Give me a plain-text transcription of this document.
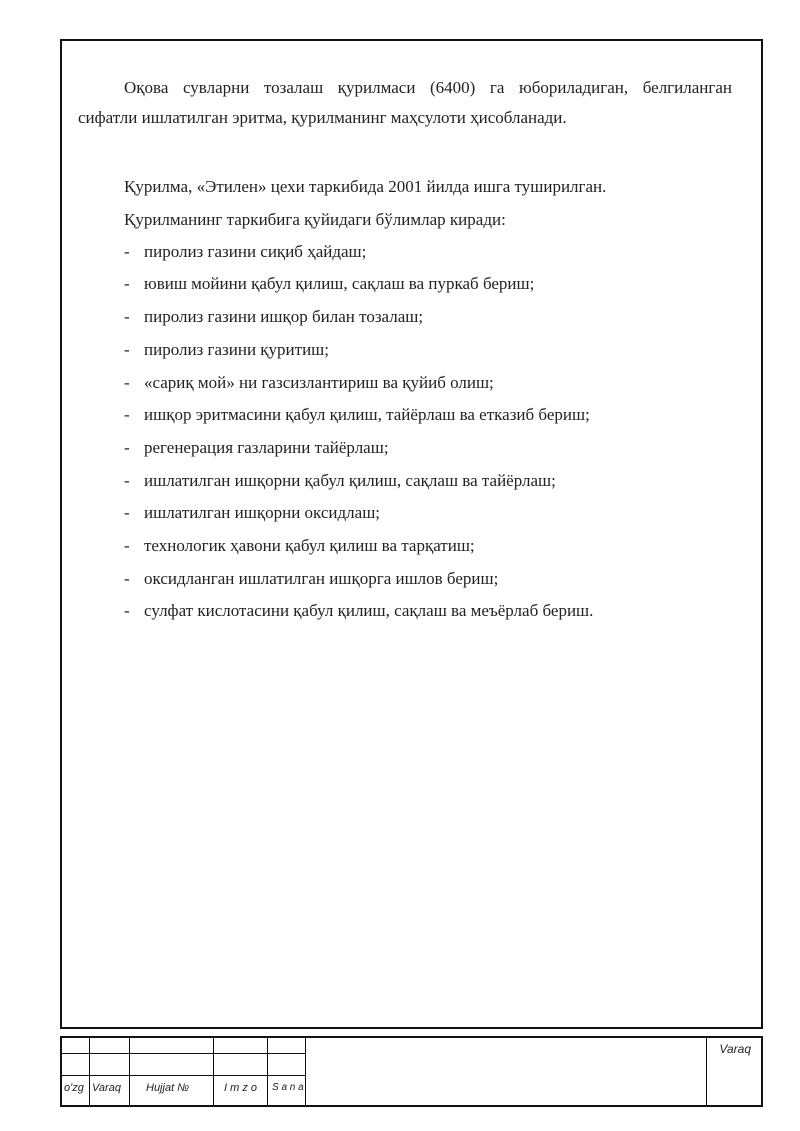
Оқова сувларни тозалаш қурилмаси (6400) га юбориладиган, белгиланган
сифатли ишлатилган эритма, қурилманинг маҳсулоти ҳисобланади.

Қурилма, «Этилен» цехи таркибида 2001 йилда ишга туширилган.

Қурилманинг таркибига қуйидаги бўлимлар киради:

- пиролиз газини сиқиб ҳайдаш;
- ювиш мойини қабул қилиш, сақлаш ва пуркаб бериш;
- пиролиз газини ишқор билан тозалаш;
- пиролиз газини қуритиш;
- «сариқ мой» ни газсизлантириш ва қуйиб олиш;
- ишқор эритмасини қабул қилиш, тайёрлаш ва етказиб бериш;
- регенерация газларини тайёрлаш;
- ишлатилган ишқорни қабул қилиш, сақлаш ва тайёрлаш;
- ишлатилган ишқорни оксидлаш;
- технологик ҳавони қабул қилиш ва тарқатиш;
- оксидланган ишлатилган ишқорга ишлов бериш;
- сулфат кислотасини қабул қилиш, сақлаш ва меъёрлаб бериш.
o'zg Varaq Hujjat №	I m z o S a n a
Varaq
